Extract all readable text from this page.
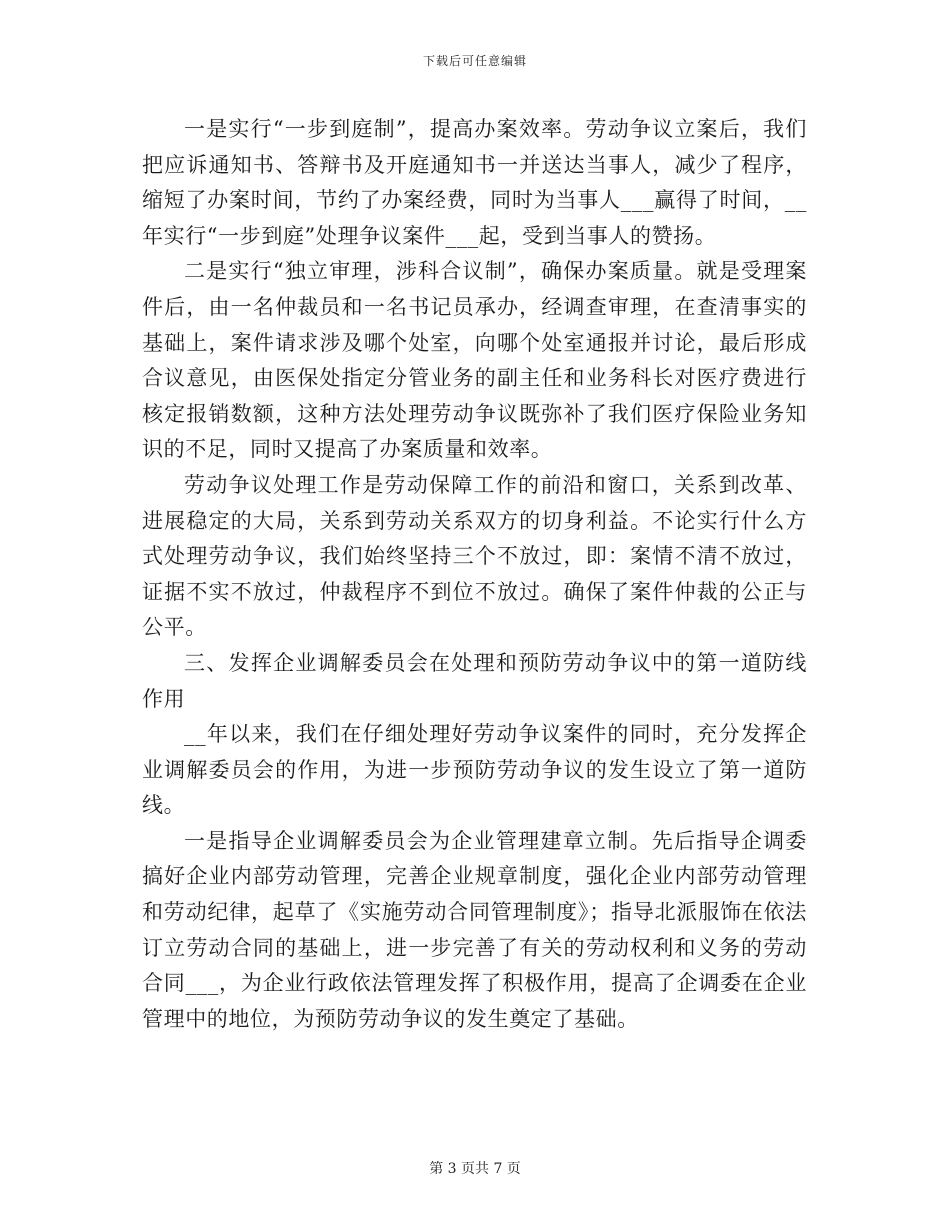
下载后可任意编辑

一是实行“一步到庭制”，提高办案效率。劳动争议立案后，我们把应诉通知书、答辩书及开庭通知书一并送达当事人，减少了程序，缩短了办案时间，节约了办案经费，同时为当事人___赢得了时间，__年实行“一步到庭”处理争议案件___起，受到当事人的赞扬。

二是实行“独立审理，涉科合议制”，确保办案质量。就是受理案件后，由一名仲裁员和一名书记员承办，经调查审理，在查清事实的基础上，案件请求涉及哪个处室，向哪个处室通报并讨论，最后形成合议意见，由医保处指定分管业务的副主任和业务科长对医疗费进行核定报销数额，这种方法处理劳动争议既弥补了我们医疗保险业务知识的不足，同时又提高了办案质量和效率。

劳动争议处理工作是劳动保障工作的前沿和窗口，关系到改革、进展稳定的大局，关系到劳动关系双方的切身利益。不论实行什么方式处理劳动争议，我们始终坚持三个不放过，即：案情不清不放过，证据不实不放过，仲裁程序不到位不放过。确保了案件仲裁的公正与公平。

三、发挥企业调解委员会在处理和预防劳动争议中的第一道防线作用

__年以来，我们在仔细处理好劳动争议案件的同时，充分发挥企业调解委员会的作用，为进一步预防劳动争议的发生设立了第一道防线。

一是指导企业调解委员会为企业管理建章立制。先后指导企调委搞好企业内部劳动管理，完善企业规章制度，强化企业内部劳动管理和劳动纪律，起草了《实施劳动合同管理制度》；指导北派服饰在依法订立劳动合同的基础上，进一步完善了有关的劳动权利和义务的劳动合同___，为企业行政依法管理发挥了积极作用，提高了企调委在企业管理中的地位，为预防劳动争议的发生奠定了基础。

第 3 页共 7 页
